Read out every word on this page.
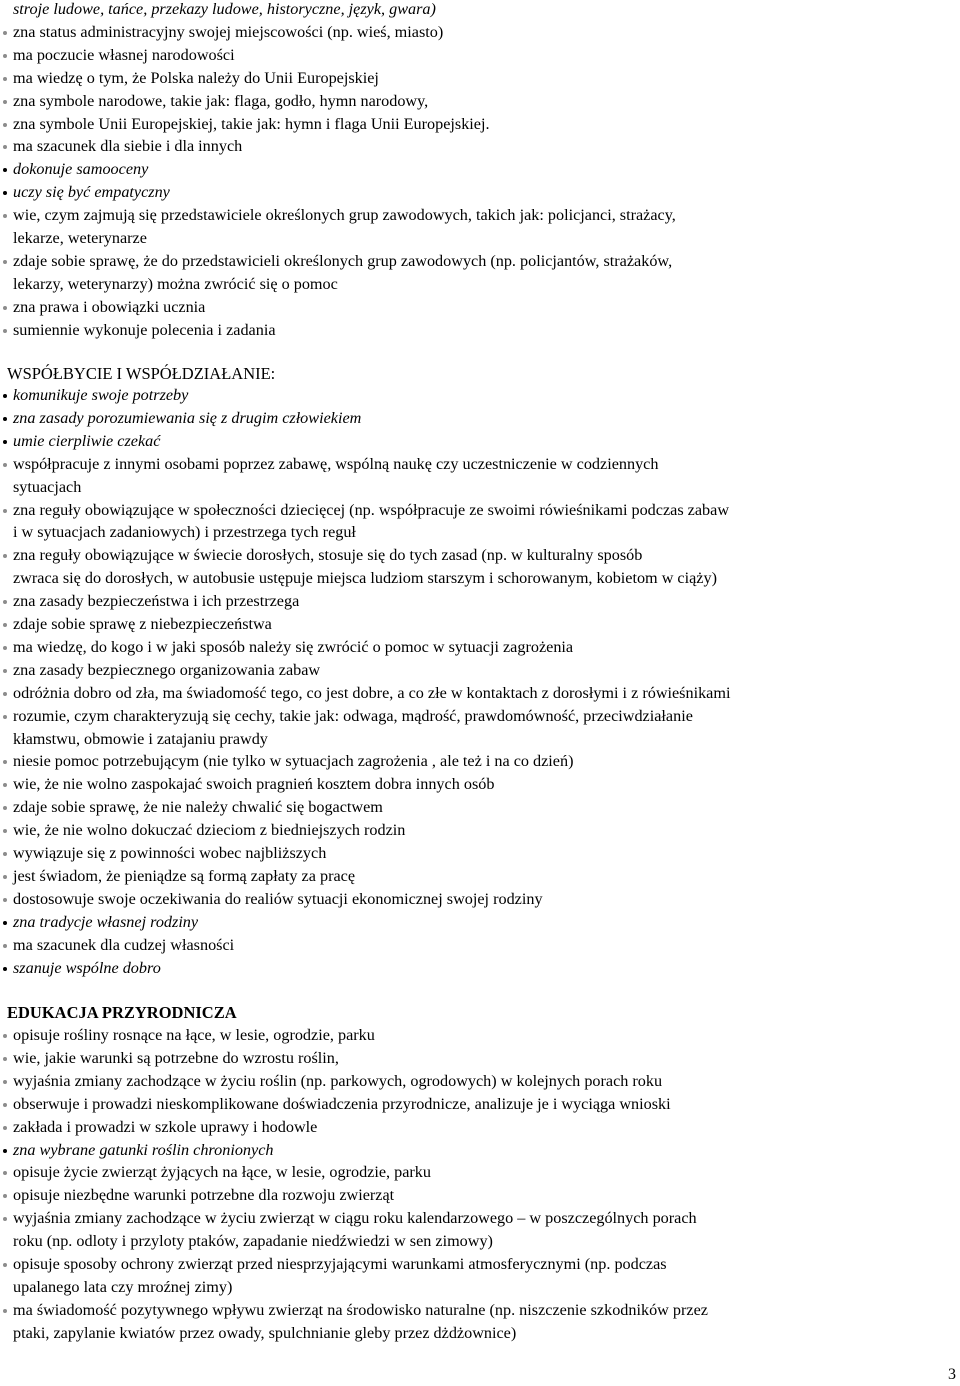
stroje ludowe, tańce, przekazy ludowe, historyczne, język, gwara)
zna status administracyjny swojej miejscowości (np. wieś, miasto)
ma poczucie własnej narodowości
ma wiedzę o tym, że Polska należy do Unii Europejskiej
zna symbole narodowe, takie jak: flaga, godło, hymn narodowy,
zna symbole Unii Europejskiej, takie jak: hymn i flaga Unii Europejskiej.
ma szacunek dla siebie i dla innych
dokonuje samooceny
uczy się być empatyczny
wie, czym zajmują się przedstawiciele określonych grup zawodowych, takich jak: policjanci, strażacy,
lekarze, weterynarze
zdaje sobie sprawę, że do przedstawicieli określonych grup zawodowych (np. policjantów, strażaków,
lekarzy, weterynarzy) można zwrócić się o pomoc
zna prawa i obowiązki ucznia
sumiennie wykonuje polecenia i zadania
WSPÓŁBYCIE I WSPÓŁDZIAŁANIE:
komunikuje swoje potrzeby
zna zasady porozumiewania się z drugim człowiekiem
umie cierpliwie czekać
współpracuje z innymi osobami poprzez zabawę, wspólną naukę czy uczestniczenie w codziennych
sytuacjach
zna reguły obowiązujące w społeczności dziecięcej (np. współpracuje ze swoimi rówieśnikami podczas zabaw
i w sytuacjach zadaniowych) i przestrzega tych reguł
zna reguły obowiązujące w świecie dorosłych, stosuje się do tych zasad (np. w kulturalny sposób
zwraca się do dorosłych, w autobusie ustępuje miejsca ludziom starszym i schorowanym, kobietom w ciąży)
zna zasady bezpieczeństwa i ich przestrzega
zdaje sobie sprawę z niebezpieczeństwa
ma wiedzę, do kogo i w jaki sposób należy się zwrócić o pomoc w sytuacji zagrożenia
zna zasady bezpiecznego organizowania zabaw
odróżnia dobro od zła, ma świadomość tego, co jest dobre, a co złe w kontaktach z dorosłymi i z rówieśnikami
rozumie, czym charakteryzują się cechy, takie jak: odwaga, mądrość, prawdomówność, przeciwdziałanie
kłamstwu, obmowie i zatajaniu prawdy
niesie pomoc potrzebującym (nie tylko w sytuacjach zagrożenia , ale też i na co dzień)
wie, że nie wolno zaspokajać swoich pragnień kosztem dobra innych osób
zdaje sobie sprawę, że nie należy chwalić się bogactwem
wie, że nie wolno dokuczać dzieciom z biedniejszych rodzin
wywiązuje się z powinności wobec najbliższych
jest świadom, że pieniądze są formą zapłaty za pracę
dostosowuje swoje oczekiwania do realiów sytuacji ekonomicznej swojej rodziny
zna tradycje własnej rodziny
ma szacunek dla cudzej własności
szanuje wspólne dobro
EDUKACJA PRZYRODNICZA
opisuje rośliny rosnące na łące, w lesie, ogrodzie, parku
wie, jakie warunki są potrzebne do wzrostu roślin,
wyjaśnia zmiany zachodzące w życiu roślin (np. parkowych, ogrodowych) w kolejnych porach roku
obserwuje i prowadzi nieskomplikowane doświadczenia przyrodnicze, analizuje je i wyciąga wnioski
zakłada i prowadzi w szkole uprawy i hodowle
zna wybrane gatunki roślin chronionych
opisuje życie zwierząt żyjących na łące, w lesie, ogrodzie, parku
opisuje niezbędne warunki potrzebne dla rozwoju zwierząt
wyjaśnia zmiany zachodzące w życiu zwierząt w ciągu roku kalendarzowego – w poszczególnych porach
roku (np. odloty i przyloty ptaków, zapadanie niedźwiedzi w sen zimowy)
opisuje sposoby ochrony zwierząt przed niesprzyjającymi warunkami atmosferycznymi (np. podczas
upalanego lata czy mroźnej zimy)
ma świadomość pozytywnego wpływu zwierząt na środowisko naturalne (np. niszczenie szkodników przez
ptaki, zapylanie kwiatów przez owady, spulchnianie gleby przez dżdżownice)
3
